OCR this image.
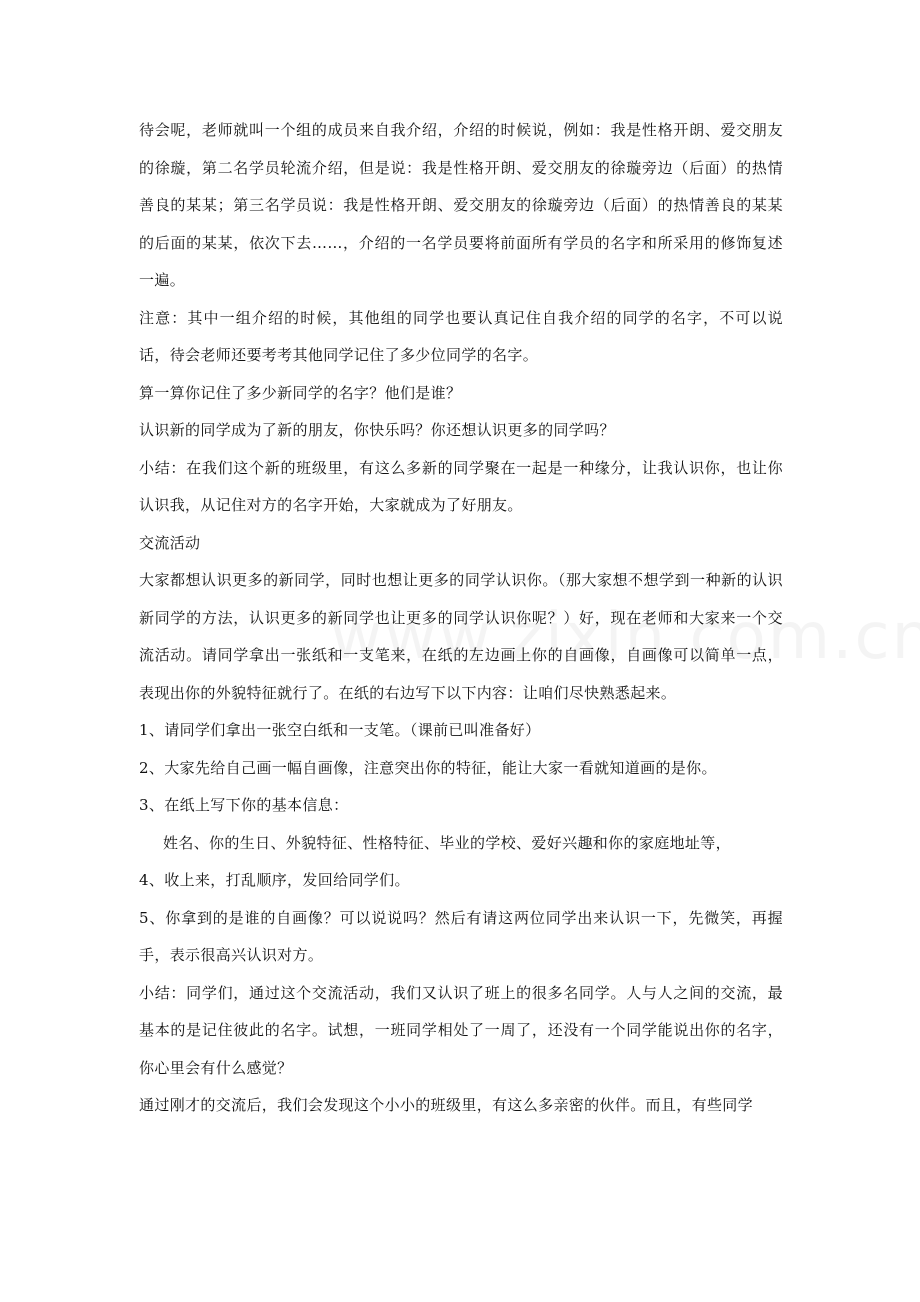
待会呢，老师就叫一个组的成员来自我介绍，介绍的时候说，例如：我是性格开朗、爱交朋友的徐璇，第二名学员轮流介绍，但是说：我是性格开朗、爱交朋友的徐璇旁边（后面）的热情善良的某某；第三名学员说：我是性格开朗、爱交朋友的徐璇旁边（后面）的热情善良的某某的后面的某某，依次下去……，介绍的一名学员要将前面所有学员的名字和所采用的修饰复述一遍。

注意：其中一组介绍的时候，其他组的同学也要认真记住自我介绍的同学的名字，不可以说话，待会老师还要考考其他同学记住了多少位同学的名字。

算一算你记住了多少新同学的名字？他们是谁？

认识新的同学成为了新的朋友，你快乐吗？你还想认识更多的同学吗？

小结：在我们这个新的班级里，有这么多新的同学聚在一起是一种缘分，让我认识你，也让你认识我，从记住对方的名字开始，大家就成为了好朋友。

交流活动

大家都想认识更多的新同学，同时也想让更多的同学认识你。（那大家想不想学到一种新的认识新同学的方法，认识更多的新同学也让更多的同学认识你呢？）好，现在老师和大家来一个交流活动。请同学拿出一张纸和一支笔来，在纸的左边画上你的自画像，自画像可以简单一点，表现出你的外貌特征就行了。在纸的右边写下以下内容：让咱们尽快熟悉起来。

1、请同学们拿出一张空白纸和一支笔。（课前已叫准备好）

2、大家先给自己画一幅自画像，注意突出你的特征，能让大家一看就知道画的是你。

3、在纸上写下你的基本信息：

姓名、你的生日、外貌特征、性格特征、毕业的学校、爱好兴趣和你的家庭地址等，

4、收上来，打乱顺序，发回给同学们。

5、你拿到的是谁的自画像？可以说说吗？然后有请这两位同学出来认识一下，先微笑，再握手，表示很高兴认识对方。

小结：同学们，通过这个交流活动，我们又认识了班上的很多名同学。人与人之间的交流，最基本的是记住彼此的名字。试想，一班同学相处了一周了，还没有一个同学能说出你的名字，你心里会有什么感觉？

通过刚才的交流后，我们会发现这个小小的班级里，有这么多亲密的伙伴。而且，有些同学
